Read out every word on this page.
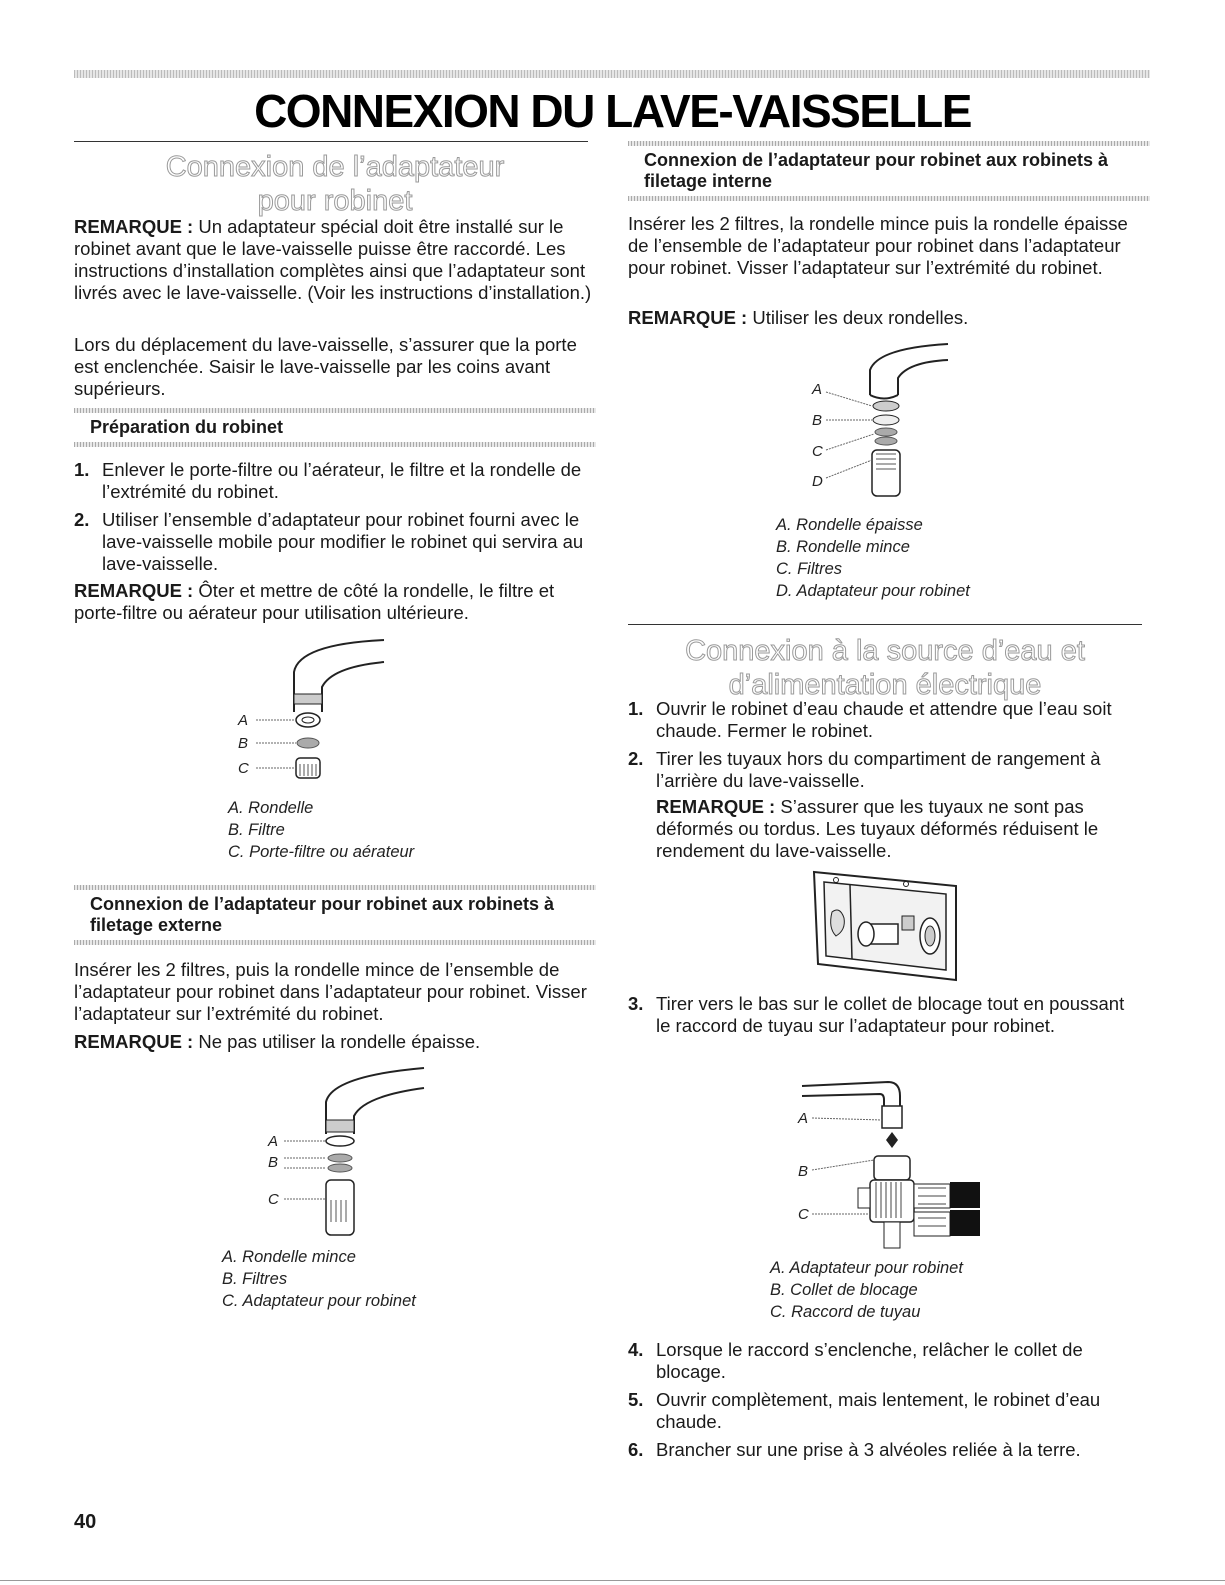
CONNEXION DU LAVE-VAISSELLE
Connexion de l’adaptateur
pour robinet

REMARQUE : Un adaptateur spécial doit être installé sur le robinet avant que le lave-vaisselle puisse être raccordé. Les instructions d’installation complètes ainsi que l’adaptateur sont livrés avec le lave-vaisselle. (Voir les instructions d’installation.)

Lors du déplacement du lave-vaisselle, s’assurer que la porte est enclenchée. Saisir le lave-vaisselle par les coins avant supérieurs.

Préparation du robinet
1. Enlever le porte-filtre ou l’aérateur, le filtre et la rondelle de l’extrémité du robinet.
2. Utiliser l’ensemble d’adaptateur pour robinet fourni avec le lave-vaisselle mobile pour modifier le robinet qui servira au lave-vaisselle.

REMARQUE : Ôter et mettre de côté la rondelle, le filtre et porte-filtre ou aérateur pour utilisation ultérieure.

A
B
C
A. Rondelle
B. Filtre
C. Porte-filtre ou aérateur
Connexion de l’adaptateur pour robinet aux robinets à filetage externe

Insérer les 2 filtres, puis la rondelle mince de l’ensemble de l’adaptateur pour robinet dans l’adaptateur pour robinet. Visser l’adaptateur sur l’extrémité du robinet.

REMARQUE : Ne pas utiliser la rondelle épaisse.

A
B
C
A. Rondelle mince
B. Filtres
C. Adaptateur pour robinet
Connexion de l’adaptateur pour robinet aux robinets à filetage interne

Insérer les 2 filtres, la rondelle mince puis la rondelle épaisse de l’ensemble de l’adaptateur pour robinet dans l’adaptateur pour robinet. Visser l’adaptateur sur l’extrémité du robinet.

REMARQUE : Utiliser les deux rondelles.

A
B
C
D
A. Rondelle épaisse
B. Rondelle mince
C. Filtres
D. Adaptateur pour robinet
Connexion à la source d’eau et
d’alimentation électrique
1. Ouvrir le robinet d’eau chaude et attendre que l’eau soit chaude. Fermer le robinet.
2. Tirer les tuyaux hors du compartiment de rangement à l’arrière du lave-vaisselle.

REMARQUE : S’assurer que les tuyaux ne sont pas déformés ou tordus. Les tuyaux déformés réduisent le rendement du lave-vaisselle.

3. Tirer vers le bas sur le collet de blocage tout en poussant le raccord de tuyau sur l’adaptateur pour robinet.
A
B
C
A. Adaptateur pour robinet
B. Collet de blocage
C. Raccord de tuyau
4. Lorsque le raccord s’enclenche, relâcher le collet de blocage.
5. Ouvrir complètement, mais lentement, le robinet d’eau chaude.
6. Brancher sur une prise à 3 alvéoles reliée à la terre.
40
